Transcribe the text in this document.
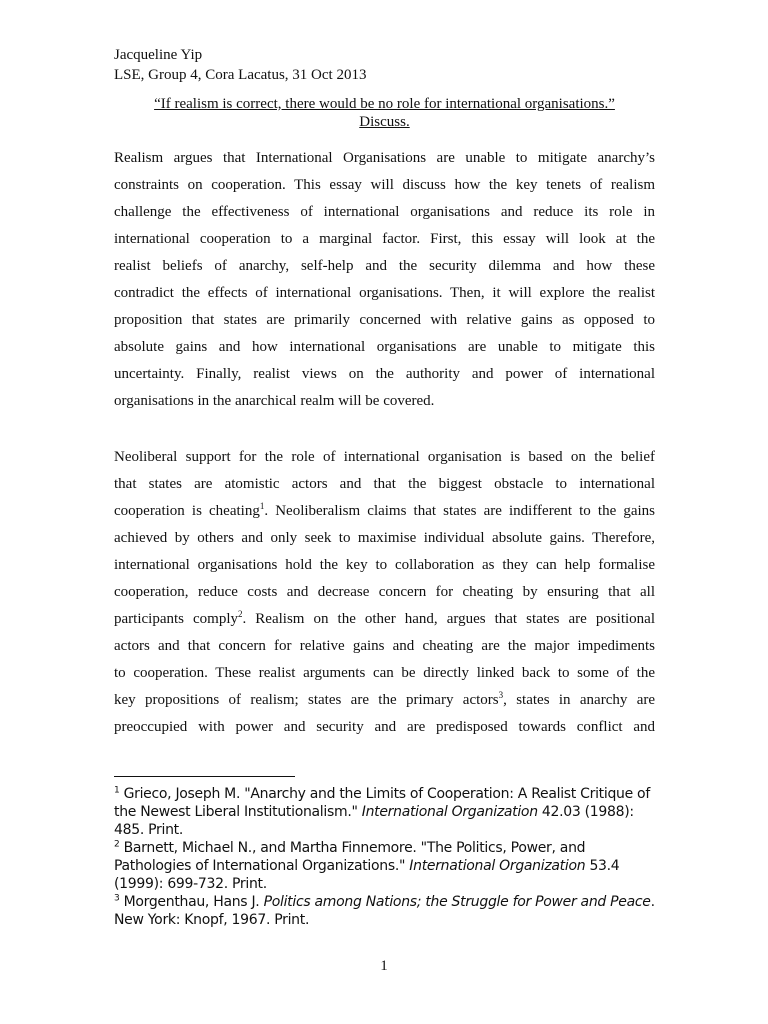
Jacqueline Yip
LSE, Group 4, Cora Lacatus, 31 Oct 2013
“If realism is correct, there would be no role for international organisations.”
Discuss.
Realism argues that International Organisations are unable to mitigate anarchy’s
constraints on cooperation. This essay will discuss how the key tenets of realism
challenge the effectiveness of international organisations and reduce its role in
international cooperation to a marginal factor. First, this essay will look at the
realist beliefs of anarchy, self-help and the security dilemma and how these
contradict the effects of international organisations. Then, it will explore the realist
proposition that states are primarily concerned with relative gains as opposed to
absolute gains and how international organisations are unable to mitigate this
uncertainty. Finally, realist views on the authority and power of international
organisations in the anarchical realm will be covered.
Neoliberal support for the role of international organisation is based on the belief
that states are atomistic actors and that the biggest obstacle to international
cooperation is cheating$^1$. Neoliberalism claims that states are indifferent to the gains
achieved by others and only seek to maximise individual absolute gains. Therefore,
international organisations hold the key to collaboration as they can help formalise
cooperation, reduce costs and decrease concern for cheating by ensuring that all
participants comply$^2$. Realism on the other hand, argues that states are positional
actors and that concern for relative gains and cheating are the major impediments
to cooperation. These realist arguments can be directly linked back to some of the
key propositions of realism; states are the primary actors$^3$, states in anarchy are
preoccupied with power and security and are predisposed towards conflict and

$^1$ Grieco, Joseph M. "Anarchy and the Limits of Cooperation: A Realist Critique of the Newest Liberal Institutionalism." International Organization 42.03 (1988): 485. Print.

$^2$ Barnett, Michael N., and Martha Finnemore. "The Politics, Power, and Pathologies of International Organizations." International Organization 53.4 (1999): 699-732. Print.

$^3$ Morgenthau, Hans J. Politics among Nations; the Struggle for Power and Peace. New York: Knopf, 1967. Print.

1
